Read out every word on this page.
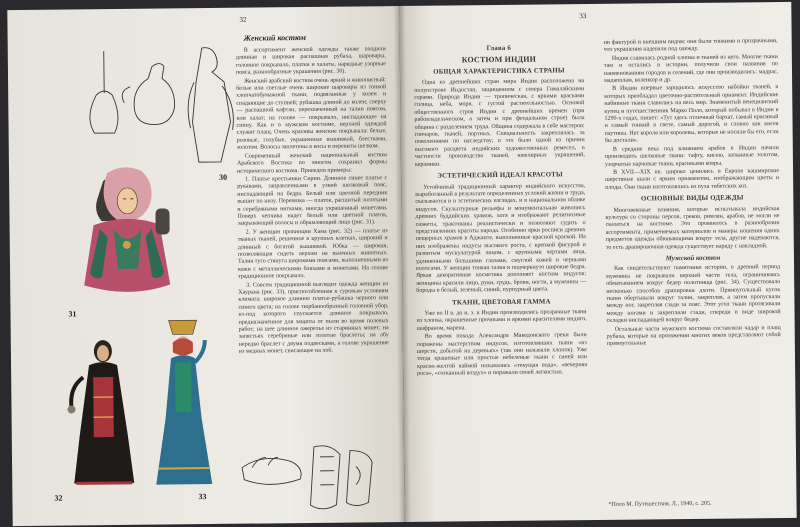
32
Женский костюм
30
31
32	33

В ассортимент женской одежды также входили длинная и широкая распашная рубаха, шаровары, головное покрывало, платки и халаты, нарядные узорные пояса, разнообразные украшения (рис. 30).

Женский арабский костюм очень яркий и живописный: белые или светлые очень широкие шаровары из тонкой хлопчатобумажной ткани, подвязанные у колен и спадающие до ступней; рубашка длиной до колен; сверху — распашной кафтан, перехваченный на талии поясом, или халат; на голове — покрывало, ниспадающее на спину. Как и в мужском костюме, верхней одеждой служит плащ. Очень красивы женские покрывала: белые, розовые, голубые, украшенные вышивкой, блестками, золотом. Волосы заплетены в косы и перевиты шелком.

Современный женский национальный костюм Арабского Востока во многом сохранил формы исторического костюма. Приведем примеры:

1. Платье крестьянки Сирии. Длинное синее платье с рукавами, заправленными в узкий шелковый пояс, ниспадающий на бедра. Белый или цветной передник вышит по низу. Перевязка — платок, расшитый золотыми и серебряными нитками, иногда украшенный монетами. Поверх чепчика надет белый или цветной платок, закрывающий волосы и обрамляющий лицо (рис. 31).

2. У женщин провинции Хама (рис. 32) — платье из тканых тканей, решенное в крупных клетках, широкий и длинный с богатой вышивкой. Юбка — широкая, позволяющая сидеть верхом на вьючных животных. Талия тугo стянута широкими поясами, выполненными из кожи с металлическими бляхами и монетами. На голове традиционное покрывало.

3. Совсем традиционной выглядит одежда женщин из Хаурана (рис. 33), приспособленная к суровым условиям климата: широкое длинное платье-рубашка черного или синего цвета; на голове тюрбанообразный головной убор, из-под которого спускается длинное покрывало, предназначенное для защиты от пыли во время полевых работ; на шее длинное ожерелье из старинных монет; на запястьях серебряные или золотые браслеты; на лбу нередко браслет с двумя подвесками, а голове украшение из медных монет, свисающее на лоб.

33
Глава 6
КОСТЮМ ИНДИИ
ОБЩАЯ ХАРАКТЕРИСТИКА СТРАНЫ

Одна из древнейших стран мира Индия расположена на полуострове Индостан, защищенном с севера Гималайскими горами. Природа Индии — тропическая, с яркими красками солнца, неба, моря, с густой растительностью. Основой общественного строя Индии с древнейших времен (при рабовладельческом, а затем и при феодальном строе) была община с разделением труда. Община содержала в себе мастеров: гончаров, ткачей, портных. Специальность закреплялась за поколениями по наследству; в это было одной из причин высокого расцвета индийских художественных ремесел, в частности производства тканей, ювелирных украшений, керамики.

ЭСТЕТИЧЕСКИЙ ИДЕАЛ КРАСОТЫ

Устойчивый традиционный характер индийского искусства, выработанный в результате определенных условий жизни и труда, сказывается и в эстетических взглядах, и в национальном облике индусов. Скульптурные рельефы и монументальная живопись древних буддийских храмов, хотя и изображают религиозные сюжеты, трактованы реалистически и позволяют судить о представлениях красоты народа. Особенно ярки росписи древних пещерных храмов в Аджанте, выполненные красной краской. На них изображены индусы высокого роста, с крепкой фигурой и развитым мускулатурой лицом, с крупными чертами лица, удлиненными большими глазами, смуглой кожей и черными волосами. У женщин тонкая талия и подчеркнуто широкие бедра. Яркая декоративная косметика дополняет костюм индусов: женщины красили лицо, руки, грудь, брови, ногти, а мужчины — бороды в белый, зеленый, синий, пурпурный цвета.

ТКАНИ, ЦВЕТОВАЯ ГАММА

Уже во II в. до н. э. в Индии производились прозрачные ткани из хлопка, окрашенные прочными и яркими красителями индиго, шафраном, марена.

Во время похода Александра Македонского греки были поражены мастерством индусов, изготовлявших ткани «из шерсти, добытой на деревьях» (так они называли хлопок). Уже тогда крашеные или простые небеленые ткани с синей или красно-желтой каймой назывались «текущая вода», «вечерняя роса», «сотканный воздух» и поражали своей легкостью.

ни фактурой и внешним видом: они были тонкими и прозрачными, что украшения надевали под одежду.

Индия славилась родной хлопка и тканей из него. Многие ткани там и остались в истории, получили свои названия по наименованиям городов и селений, где они производились: мадрас, мадаполам, коленкор и др.

В Индии впервые зародилось искусство набойки тканей, в которых преобладал цветочно-растительный орнамент. Индийские набивные ткани славились на весь мир. Знаменитый венецианский купец и путешественник Марко Поло, который побывал в Индии в 1290-х годах, пишет: «Тут здесь отличный бархат, самый красивый и самый тонкий в свете, самый дорогой, и словно как кисея паутины. Нет короля или королевы, которые не носили бы его, если бы достали».

В средние века под влиянием арабов в Индии начали производить шелковые ткани: тафту, кисею, затканные золотом, узорчатые парчовые ткани, красивыми ковры.

В XVII—XIX вв. широко ценились в Европе кашмирские шерстяные шали с ярким орнаментом, изображающим цветы и плоды. Они ткани изготовлялись из пуха тибетских коз.

ОСНОВНЫЕ ВИДЫ ОДЕЖДЫ

Многовековые влияния, которые испытывала индийская культура со стороны персов, греков, римлян, арабов, не могли не сказаться на костюме. Это проявилось в разнообразии ассортимента, применяемых материалов и манеры ношения одних предметов одежды обвивающими вокруг тела, другие надеваются, то есть драпировочная одежда существует наряду с накладной.

Мужской костюм

Как свидетельствуют памятники истории, в древний период мужчины не покрывали верхней части тела, ограничиваясь обматыванием вокруг бедер полотнища (рис. 34). Существовало несколько способов драпировки дхоти. Прямоугольный кусок ткани обертывали вокруг талии, закрепляя, а затем пропускали между ног, закрепляя сзади за пояс. Этот угол ткани протягивали между ногами и закрепляли сзади, спереди в виде широкой складки ниспадающей вокруг бедер.

Остальные части мужского костюма составляли чадар и плащ рубаха, которые на протяжении многих веков представляют собой прямоугольные

*Поло М. Путешествия. Л., 1940, с. 205.
